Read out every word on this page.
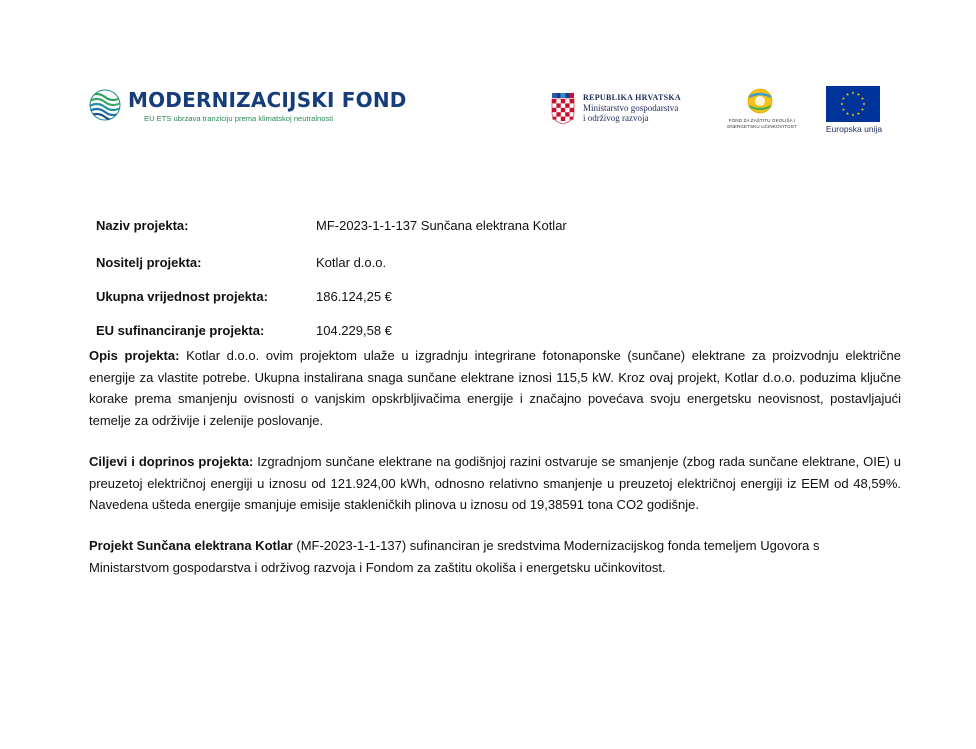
MODERNIZACIJSKI FOND
EU ETS ubrzava tranziciju prema klimatskoj neutralnosti
REPUBLIKA HRVATSKA
Ministarstvo gospodarstva
i održivog razvoja	FOND ZA ZAŠTITU OKOLIŠA I
ENERGETSKU UČINKOVITOST	Europska unija
Naziv projekta:	MF-2023-1-1-137 Sunčana elektrana Kotlar
Nositelj projekta:	Kotlar d.o.o.
Ukupna vrijednost projekta:	186.124,25 €
EU sufinanciranje projekta:	104.229,58 €
Opis projekta: Kotlar d.o.o. ovim projektom ulaže u izgradnju integrirane fotonaponske (sunčane) elektrane za proizvodnju električne energije za vlastite potrebe. Ukupna instalirana snaga sunčane elektrane iznosi 115,5 kW. Kroz ovaj projekt, Kotlar d.o.o. poduzima ključne korake prema smanjenju ovisnosti o vanjskim opskrbljivačima energije i značajno povećava svoju energetsku neovisnost, postavljajući temelje za održivije i zelenije poslovanje.
Ciljevi i doprinos projekta: Izgradnjom sunčane elektrane na godišnjoj razini ostvaruje se smanjenje (zbog rada sunčane elektrane, OIE) u preuzetoj električnoj energiji u iznosu od 121.924,00 kWh, odnosno relativno smanjenje u preuzetoj električnoj energiji iz EEM od 48,59%. Navedena ušteda energije smanjuje emisije stakleničkih plinova u iznosu od 19,38591 tona CO2 godišnje.
Projekt Sunčana elektrana Kotlar (MF-2023-1-1-137) sufinanciran je sredstvima Modernizacijskog fonda temeljem Ugovora s Ministarstvom gospodarstva i održivog razvoja i Fondom za zaštitu okoliša i energetsku učinkovitost.
